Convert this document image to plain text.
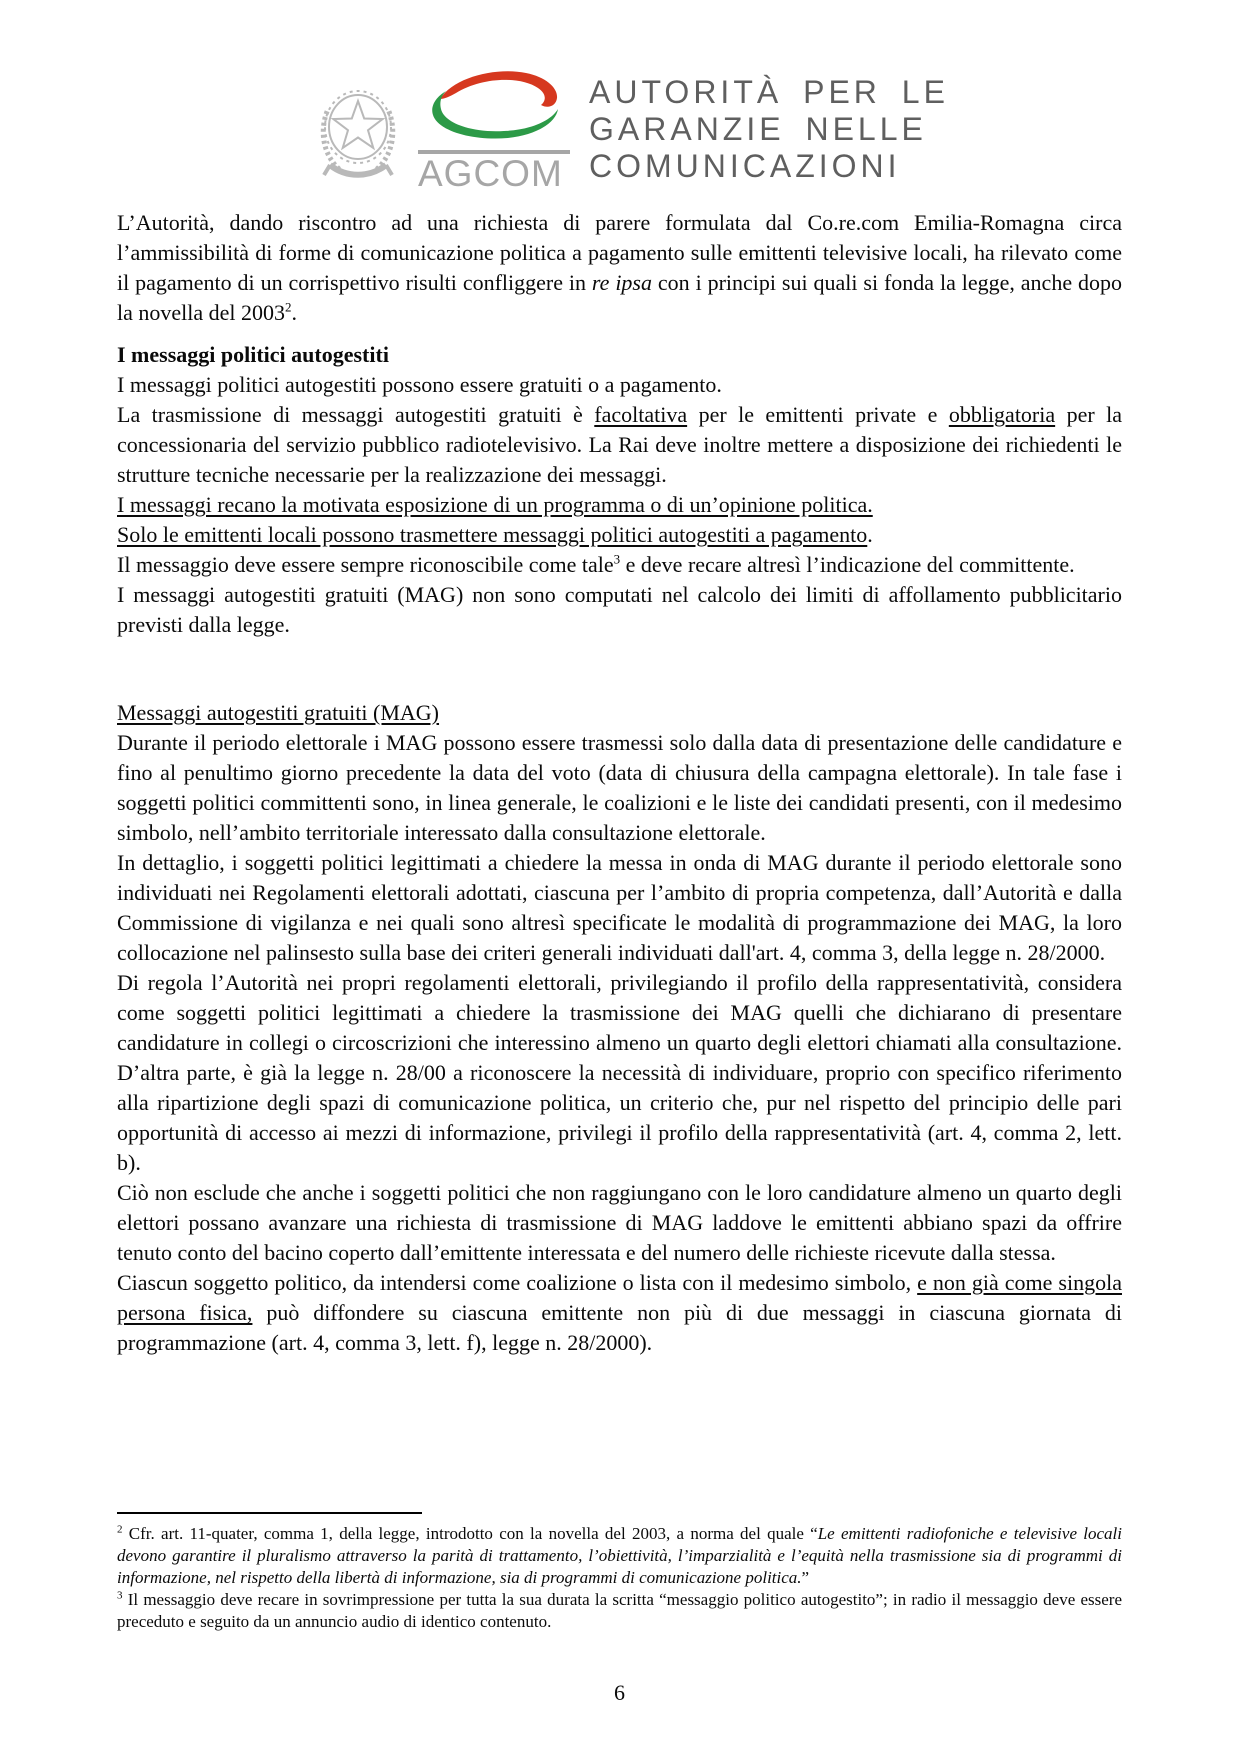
AGCOM
AUTORITÀ PER LE
GARANZIE NELLE
COMUNICAZIONI

L’Autorità, dando riscontro ad una richiesta di parere formulata dal Co.re.com Emilia-Romagna circa l’ammissibilità di forme di comunicazione politica a pagamento sulle emittenti televisive locali, ha rilevato come il pagamento di un corrispettivo risulti confliggere in re ipsa con i principi sui quali si fonda la legge, anche dopo la novella del 2003$^2$.

I messaggi politici autogestiti

I messaggi politici autogestiti possono essere gratuiti o a pagamento.

La trasmissione di messaggi autogestiti gratuiti è facoltativa per le emittenti private e obbligatoria per la concessionaria del servizio pubblico radiotelevisivo. La Rai deve inoltre mettere a disposizione dei richiedenti le strutture tecniche necessarie per la realizzazione dei messaggi.

I messaggi recano la motivata esposizione di un programma o di un’opinione politica.

Solo le emittenti locali possono trasmettere messaggi politici autogestiti a pagamento.

Il messaggio deve essere sempre riconoscibile come tale$^3$ e deve recare altresì l’indicazione del committente.

I messaggi autogestiti gratuiti (MAG) non sono computati nel calcolo dei limiti di affollamento pubblicitario previsti dalla legge.

Messaggi autogestiti gratuiti (MAG)

Durante il periodo elettorale i MAG possono essere trasmessi solo dalla data di presentazione delle candidature e fino al penultimo giorno precedente la data del voto (data di chiusura della campagna elettorale). In tale fase i soggetti politici committenti sono, in linea generale, le coalizioni e le liste dei candidati presenti, con il medesimo simbolo, nell’ambito territoriale interessato dalla consultazione elettorale.

In dettaglio, i soggetti politici legittimati a chiedere la messa in onda di MAG durante il periodo elettorale sono individuati nei Regolamenti elettorali adottati, ciascuna per l’ambito di propria competenza, dall’Autorità e dalla Commissione di vigilanza e nei quali sono altresì specificate le modalità di programmazione dei MAG, la loro collocazione nel palinsesto sulla base dei criteri generali individuati dall'art. 4, comma 3, della legge n. 28/2000.

Di regola l’Autorità nei propri regolamenti elettorali, privilegiando il profilo della rappresentatività, considera come soggetti politici legittimati a chiedere la trasmissione dei MAG quelli che dichiarano di presentare candidature in collegi o circoscrizioni che interessino almeno un quarto degli elettori chiamati alla consultazione. D’altra parte, è già la legge n. 28/00 a riconoscere la necessità di individuare, proprio con specifico riferimento alla ripartizione degli spazi di comunicazione politica, un criterio che, pur nel rispetto del principio delle pari opportunità di accesso ai mezzi di informazione, privilegi il profilo della rappresentatività (art. 4, comma 2, lett. b).

Ciò non esclude che anche i soggetti politici che non raggiungano con le loro candidature almeno un quarto degli elettori possano avanzare una richiesta di trasmissione di MAG laddove le emittenti abbiano spazi da offrire tenuto conto del bacino coperto dall’emittente interessata e del numero delle richieste ricevute dalla stessa.

Ciascun soggetto politico, da intendersi come coalizione o lista con il medesimo simbolo, e non già come singola persona fisica, può diffondere su ciascuna emittente non più di due messaggi in ciascuna giornata di programmazione (art. 4, comma 3, lett. f), legge n. 28/2000).

$^2$ Cfr. art. 11-quater, comma 1, della legge, introdotto con la novella del 2003, a norma del quale “Le emittenti radiofoniche e televisive locali devono garantire il pluralismo attraverso la parità di trattamento, l’obiettività, l’imparzialità e l’equità nella trasmissione sia di programmi di informazione, nel rispetto della libertà di informazione, sia di programmi di comunicazione politica.”

$^3$ Il messaggio deve recare in sovrimpressione per tutta la sua durata la scritta “messaggio politico autogestito”; in radio il messaggio deve essere preceduto e seguito da un annuncio audio di identico contenuto.

6
